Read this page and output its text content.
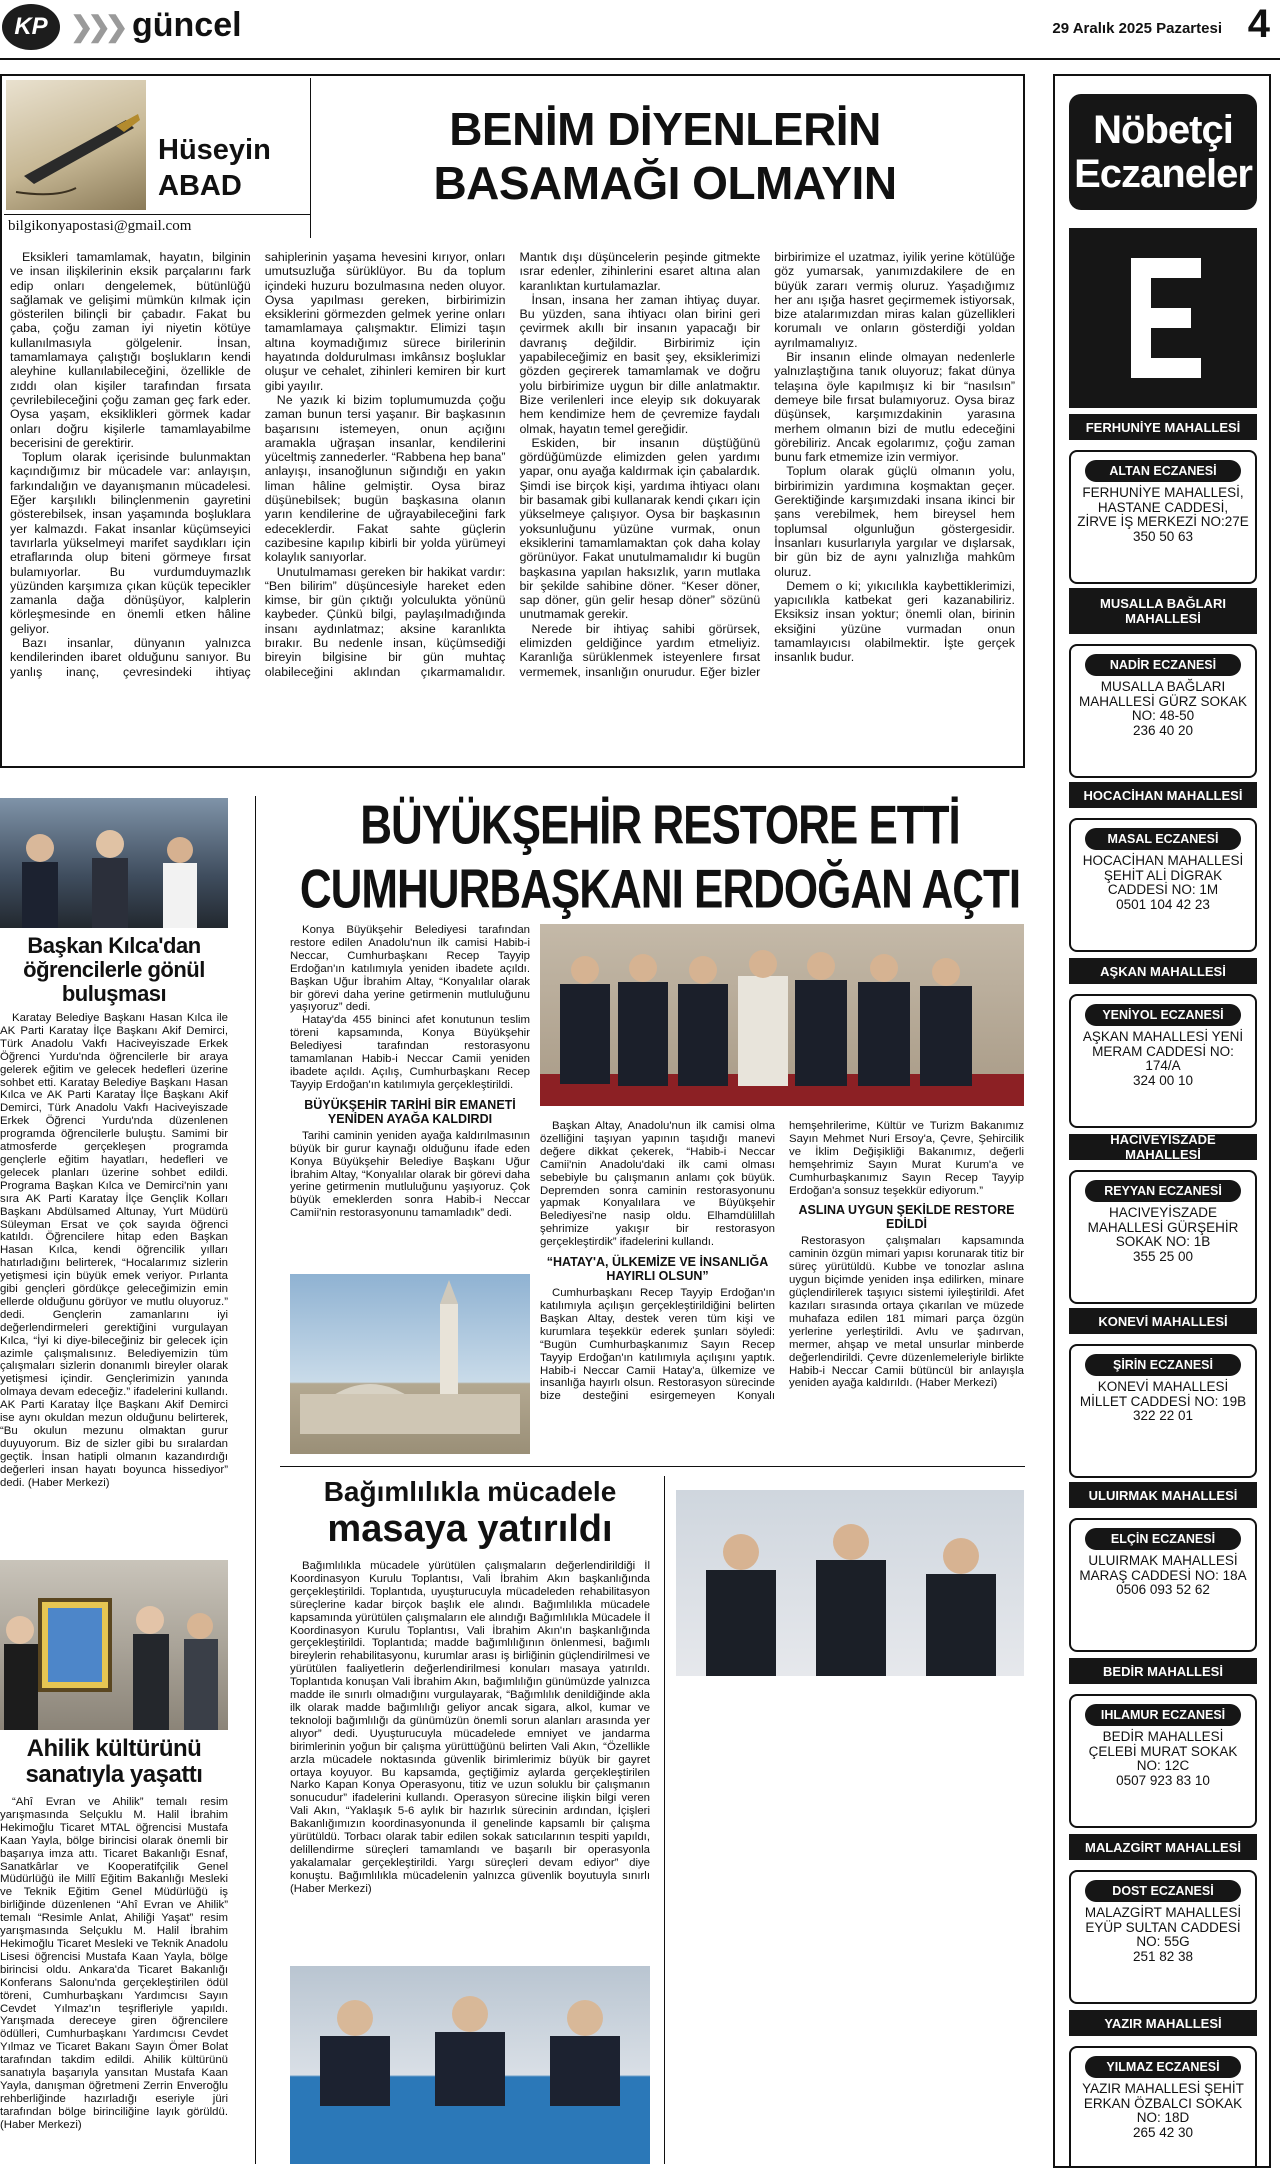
KP ❯❯❯ güncel	29 Aralık 2025 Pazartesi 4
Hüseyin
ABAD
bilgikonyapostasi@gmail.com
BENİM DİYENLERİN
BASAMAĞI OLMAYIN

Eksikleri tamamlamak, hayatın, bilginin ve insan ilişkilerinin eksik parçalarını fark edip onları dengelemek, bütünlüğü sağlamak ve gelişimi mümkün kılmak için gösterilen bilinçli bir çabadır. Fakat bu çaba, çoğu zaman iyi niyetin kötüye kullanılmasıyla gölgelenir. İnsan, tamamlamaya çalıştığı boşlukların kendi aleyhine kullanılabileceğini, özellikle de zıddı olan kişiler tarafından fırsata çevrilebileceğini çoğu zaman geç fark eder. Oysa yaşam, eksiklikleri görmek kadar onları doğru kişilerle tamamlayabilme becerisini de gerektirir.

Toplum olarak içerisinde bulunmaktan kaçındığımız bir mücadele var: anlayışın, farkındalığın ve dayanışmanın mücadelesi. Eğer karşılıklı bilinçlenmenin gayretini gösterebilsek, insan yaşamında boşluklara yer kalmazdı. Fakat insanlar küçümseyici tavırlarla yükselmeyi marifet saydıkları için etraflarında olup biteni görmeye fırsat bulamıyorlar. Bu vurdumduymazlık yüzünden karşımıza çıkan küçük tepecikler zamanla dağa dönüşüyor, kalplerin körleşmesinde en önemli etken hâline geliyor.

Bazı insanlar, dünyanın yalnızca kendilerinden ibaret olduğunu sanıyor. Bu yanlış inanç, çevresindeki ihtiyaç sahiplerinin yaşama hevesini kırıyor, onları umutsuzluğa sürüklüyor. Bu da toplum içindeki huzuru bozulmasına neden oluyor. Oysa yapılması gereken, birbirimizin eksiklerini görmezden gelmek yerine onları tamamlamaya çalışmaktır. Elimizi taşın altına koymadığımız sürece birilerinin hayatında doldurulması imkânsız boşluklar oluşur ve cehalet, zihinleri kemiren bir kurt gibi yayılır.

Ne yazık ki bizim toplumumuzda çoğu zaman bunun tersi yaşanır. Bir başkasının başarısını istemeyen, onun açığını aramakla uğraşan insanlar, kendilerini yüceltmiş zannederler. “Rabbena hep bana” anlayışı, insanoğlunun sığındığı en yakın liman hâline gelmiştir. Oysa biraz düşünebilsek; bugün başkasına olanın yarın kendilerine de uğrayabileceğini fark edeceklerdir. Fakat sahte güçlerin cazibesine kapılıp kibirli bir yolda yürümeyi kolaylık sanıyorlar.

Unutulmaması gereken bir hakikat vardır: “Ben bilirim” düşüncesiyle hareket eden kimse, bir gün çıktığı yolculukta yönünü kaybeder. Çünkü bilgi, paylaşılmadığında insanı aydınlatmaz; aksine karanlıkta bırakır. Bu nedenle insan, küçümsediği bireyin bilgisine bir gün muhtaç olabileceğini aklından çıkarmamalıdır. Mantık dışı düşüncelerin peşinde gitmekte ısrar edenler, zihinlerini esaret altına alan karanlıktan kurtulamazlar.

İnsan, insana her zaman ihtiyaç duyar. Bu yüzden, sana ihtiyacı olan birini geri çevirmek akıllı bir insanın yapacağı bir davranış değildir. Birbirimiz için yapabileceğimiz en basit şey, eksiklerimizi gözden geçirerek tamamlamak ve doğru yolu birbirimize uygun bir dille anlatmaktır. Bize verilenleri ince eleyip sık dokuyarak hem kendimize hem de çevremize faydalı olmak, hayatın temel gereğidir.

Eskiden, bir insanın düştüğünü gördüğümüzde elimizden gelen yardımı yapar, onu ayağa kaldırmak için çabalardık. Şimdi ise birçok kişi, yardıma ihtiyacı olanı bir basamak gibi kullanarak kendi çıkarı için yükselmeye çalışıyor. Oysa bir başkasının yoksunluğunu yüzüne vurmak, onun eksiklerini tamamlamaktan çok daha kolay görünüyor. Fakat unutulmamalıdır ki bugün başkasına yapılan haksızlık, yarın mutlaka bir şekilde sahibine döner. “Keser döner, sap döner, gün gelir hesap döner” sözünü unutmamak gerekir.

Nerede bir ihtiyaç sahibi görürsek, elimizden geldiğince yardım etmeliyiz. Karanlığa sürüklenmek isteyenlere fırsat vermemek, insanlığın onurudur. Eğer bizler birbirimize el uzatmaz, iyilik yerine kötülüğe göz yumarsak, yanımızdakilere de en büyük zararı vermiş oluruz. Yaşadığımız her anı ışığa hasret geçirmemek istiyorsak, bize atalarımızdan miras kalan güzellikleri korumalı ve onların gösterdiği yoldan ayrılmamalıyız.

Bir insanın elinde olmayan nedenlerle yalnızlaştığına tanık oluyoruz; fakat dünya telaşına öyle kapılmışız ki bir “nasılsın” demeye bile fırsat bulamıyoruz. Oysa biraz düşünsek, karşımızdakinin yarasına merhem olmanın bizi de mutlu edeceğini görebiliriz. Ancak egolarımız, çoğu zaman bunu fark etmemize izin vermiyor.

Toplum olarak güçlü olmanın yolu, birbirimizin yardımına koşmaktan geçer. Gerektiğinde karşımızdaki insana ikinci bir şans verebilmek, hem bireysel hem toplumsal olgunluğun göstergesidir. İnsanları kusurlarıyla yargılar ve dışlarsak, bir gün biz de aynı yalnızlığa mahkûm oluruz.

Demem o ki; yıkıcılıkla kaybettiklerimizi, yapıcılıkla katbekat geri kazanabiliriz. Eksiksiz insan yoktur; önemli olan, birinin eksiğini yüzüne vurmadan onun tamamlayıcısı olabilmektir. İşte gerçek insanlık budur.

Başkan Kılca'dan öğrencilerle gönül buluşması

Karatay Belediye Başkanı Hasan Kılca ile AK Parti Karatay İlçe Başkanı Akif Demirci, Türk Anadolu Vakfı Haciveyiszade Erkek Öğrenci Yurdu'nda öğrencilerle bir araya gelerek eğitim ve gelecek hedefleri üzerine sohbet etti. Karatay Belediye Başkanı Hasan Kılca ve AK Parti Karatay İlçe Başkanı Akif Demirci, Türk Anadolu Vakfı Haciveyiszade Erkek Öğrenci Yurdu'nda düzenlenen programda öğrencilerle buluştu. Samimi bir atmosferde gerçekleşen programda gençlerle eğitim hayatları, hedefleri ve gelecek planları üzerine sohbet edildi. Programa Başkan Kılca ve Demirci'nin yanı sıra AK Parti Karatay İlçe Gençlik Kolları Başkanı Abdülsamed Altunay, Yurt Müdürü Süleyman Ersat ve çok sayıda öğrenci katıldı. Öğrencilere hitap eden Başkan Hasan Kılca, kendi öğrencilik yılları hatırladığını belirterek, “Hocalarımız sizlerin yetişmesi için büyük emek veriyor. Pırlanta gibi gençleri gördükçe geleceğimizin emin ellerde olduğunu görüyor ve mutlu oluyoruz.” dedi. Gençlerin zamanlarını iyi değerlendirmeleri gerektiğini vurgulayan Kılca, “İyi ki diye-bileceğiniz bir gelecek için azimle çalışmalısınız. Belediyemizin tüm çalışmaları sizlerin donanımlı bireyler olarak yetişmesi içindir. Gençlerimizin yanında olmaya devam edeceğiz.” ifadelerini kullandı. AK Parti Karatay İlçe Başkanı Akif Demirci ise aynı okuldan mezun olduğunu belirterek, “Bu okulun mezunu olmaktan gurur duyuyorum. Biz de sizler gibi bu sıralardan geçtik. İnsan hatipli olmanın kazandırdığı değerleri insan hayatı boyunca hissediyor” dedi. (Haber Merkezi)

Ahilik kültürünü sanatıyla yaşattı

“Ahî Evran ve Ahilik” temalı resim yarışmasında Selçuklu M. Halil İbrahim Hekimoğlu Ticaret MTAL öğrencisi Mustafa Kaan Yayla, bölge birincisi olarak önemli bir başarıya imza attı. Ticaret Bakanlığı Esnaf, Sanatkârlar ve Kooperatifçilik Genel Müdürlüğü ile Millî Eğitim Bakanlığı Mesleki ve Teknik Eğitim Genel Müdürlüğü iş birliğinde düzenlenen “Ahî Evran ve Ahilik” temalı “Resimle Anlat, Ahiliği Yaşat” resim yarışmasında Selçuklu M. Halil İbrahim Hekimoğlu Ticaret Mesleki ve Teknik Anadolu Lisesi öğrencisi Mustafa Kaan Yayla, bölge birincisi oldu. Ankara'da Ticaret Bakanlığı Konferans Salonu'nda gerçekleştirilen ödül töreni, Cumhurbaşkanı Yardımcısı Sayın Cevdet Yılmaz'ın teşrifleriyle yapıldı. Yarışmada dereceye giren öğrencilere ödülleri, Cumhurbaşkanı Yardımcısı Cevdet Yılmaz ve Ticaret Bakanı Sayın Ömer Bolat tarafından takdim edildi. Ahilik kültürünü sanatıyla başarıyla yansıtan Mustafa Kaan Yayla, danışman öğretmeni Zerrin Enveroğlu rehberliğinde hazırladığı eseriyle jüri tarafından bölge birinciliğine layık görüldü. (Haber Merkezi)

BÜYÜKŞEHİR RESTORE ETTİ
CUMHURBAŞKANI ERDOĞAN AÇTI

Konya Büyükşehir Belediyesi tarafından restore edilen Anadolu'nun ilk camisi Habib-i Neccar, Cumhurbaşkanı Recep Tayyip Erdoğan'ın katılımıyla yeniden ibadete açıldı. Başkan Uğur İbrahim Altay, “Konyalılar olarak bir görevi daha yerine getirmenin mutluluğunu yaşıyoruz” dedi.

Hatay'da 455 bininci afet konutunun teslim töreni kapsamında, Konya Büyükşehir Belediyesi tarafından restorasyonu tamamlanan Habib-i Neccar Camii yeniden ibadete açıldı. Açılış, Cumhurbaşkanı Recep Tayyip Erdoğan'ın katılımıyla gerçekleştirildi.

BÜYÜKŞEHİR TARİHİ BİR EMANETİ YENİDEN AYAĞA KALDIRDI

Tarihi caminin yeniden ayağa kaldırılmasının büyük bir gurur kaynağı olduğunu ifade eden Konya Büyükşehir Belediye Başkanı Uğur İbrahim Altay, “Konyalılar olarak bir görevi daha yerine getirmenin mutluluğunu yaşıyoruz. Çok büyük emeklerden sonra Habib-i Neccar Camii'nin restorasyonunu tamamladık” dedi.

Başkan Altay, Anadolu'nun ilk camisi olma özelliğini taşıyan yapının taşıdığı manevi değere dikkat çekerek, “Habib-i Neccar Camii'nin Anadolu'daki ilk cami olması sebebiyle bu çalışmanın anlamı çok büyük. Depremden sonra caminin restorasyonunu yapmak Konyalılara ve Büyükşehir Belediyesi'ne nasip oldu. Elhamdülillah şehrimize yakışır bir restorasyon gerçekleştirdik” ifadelerini kullandı.

“HATAY'A, ÜLKEMİZE VE İNSANLIĞA HAYIRLI OLSUN”

Cumhurbaşkanı Recep Tayyip Erdoğan'ın katılımıyla açılışın gerçekleştirildiğini belirten Başkan Altay, destek veren tüm kişi ve kurumlara teşekkür ederek şunları söyledi: “Bugün Cumhurbaşkanımız Sayın Recep Tayyip Erdoğan'ın katılımıyla açılışını yaptık. Habib-i Neccar Camii Hatay'a, ülkemize ve insanlığa hayırlı olsun. Restorasyon sürecinde bize desteğini esirgemeyen Konyalı hemşehrilerime, Kültür ve Turizm Bakanımız Sayın Mehmet Nuri Ersoy'a, Çevre, Şehircilik ve İklim Değişikliği Bakanımız, değerli hemşehrimiz Sayın Murat Kurum'a ve Cumhurbaşkanımız Sayın Recep Tayyip Erdoğan'a sonsuz teşekkür ediyorum.”

ASLINA UYGUN ŞEKİLDE RESTORE EDİLDİ

Restorasyon çalışmaları kapsamında caminin özgün mimari yapısı korunarak titiz bir süreç yürütüldü. Kubbe ve tonozlar aslına uygun biçimde yeniden inşa edilirken, minare güçlendirilerek taşıyıcı sistemi iyileştirildi. Afet kazıları sırasında ortaya çıkarılan ve müzede muhafaza edilen 181 mimari parça özgün yerlerine yerleştirildi. Avlu ve şadırvan, mermer, ahşap ve metal unsurlar minberde değerlendirildi. Çevre düzenlemeleriyle birlikte Habib-i Neccar Camii bütüncül bir anlayışla yeniden ayağa kaldırıldı. (Haber Merkezi)

Bağımlılıkla mücadele
masaya yatırıldı

Bağımlılıkla mücadele yürütülen çalışmaların değerlendirildiği İl Koordinasyon Kurulu Toplantısı, Vali İbrahim Akın başkanlığında gerçekleştirildi. Toplantıda, uyuşturucuyla mücadeleden rehabilitasyon süreçlerine kadar birçok başlık ele alındı. Bağımlılıkla mücadele kapsamında yürütülen çalışmaların ele alındığı Bağımlılıkla Mücadele İl Koordinasyon Kurulu Toplantısı, Vali İbrahim Akın'ın başkanlığında gerçekleştirildi. Toplantıda; madde bağımlılığının önlenmesi, bağımlı bireylerin rehabilitasyonu, kurumlar arası iş birliğinin güçlendirilmesi ve yürütülen faaliyetlerin değerlendirilmesi konuları masaya yatırıldı. Toplantıda konuşan Vali İbrahim Akın, bağımlılığın günümüzde yalnızca madde ile sınırlı olmadığını vurgulayarak, “Bağımlılık denildiğinde akla ilk olarak madde bağımlılığı geliyor ancak sigara, alkol, kumar ve teknoloji bağımlılığı da günümüzün önemli sorun alanları arasında yer alıyor” dedi. Uyuşturucuyla mücadelede emniyet ve jandarma birimlerinin yoğun bir çalışma yürüttüğünü belirten Vali Akın, “Özellikle arzla mücadele noktasında güvenlik birimlerimiz büyük bir gayret ortaya koyuyor. Bu kapsamda, geçtiğimiz aylarda gerçekleştirilen Narko Kapan Konya Operasyonu, titiz ve uzun soluklu bir çalışmanın sonucudur” ifadelerini kullandı. Operasyon sürecine ilişkin bilgi veren Vali Akın, “Yaklaşık 5-6 aylık bir hazırlık sürecinin ardından, İçişleri Bakanlığımızın koordinasyonunda il genelinde kapsamlı bir çalışma yürütüldü. Torbacı olarak tabir edilen sokak satıcılarının tespiti yapıldı, delillendirme süreçleri tamamlandı ve başarılı bir operasyonla yakalamalar gerçekleştirildi. Yargı süreçleri devam ediyor” diye konuştu. Bağımlılıkla mücadelenin yalnızca güvenlik boyutuyla sınırlı (Haber Merkezi)

Nöbetçi
Eczaneler
FERHUNİYE MAHALLESİ
ALTAN ECZANESİ
FERHUNİYE MAHALLESİ, HASTANE CADDESİ, ZİRVE İŞ MERKEZİ NO:27E
350 50 63
MUSALLA BAĞLARI MAHALLESİ
NADİR ECZANESİ
MUSALLA BAĞLARI MAHALLESİ GÜRZ SOKAK NO: 48-50
236 40 20
HOCACİHAN MAHALLESİ
MASAL ECZANESİ
HOCACİHAN MAHALLESİ ŞEHİT ALİ DİGRAK CADDESİ NO: 1M
0501 104 42 23
AŞKAN MAHALLESİ
YENİYOL ECZANESİ
AŞKAN MAHALLESİ YENİ MERAM CADDESİ NO: 174/A
324 00 10
HACIVEYİSZADE MAHALLESİ
REYYAN ECZANESİ
HACIVEYİSZADE MAHALLESİ GÜRŞEHİR SOKAK NO: 1B
355 25 00
KONEVİ MAHALLESİ
ŞİRİN ECZANESİ
KONEVİ MAHALLESİ MİLLET CADDESİ NO: 19B
322 22 01
ULUIRMAK MAHALLESİ
ELÇİN ECZANESİ
ULUIRMAK MAHALLESİ MARAŞ CADDESİ NO: 18A
0506 093 52 62
BEDİR MAHALLESİ
IHLAMUR ECZANESİ
BEDİR MAHALLESİ ÇELEBİ MURAT SOKAK NO: 12C
0507 923 83 10
MALAZGİRT MAHALLESİ
DOST ECZANESİ
MALAZGİRT MAHALLESİ EYÜP SULTAN CADDESİ NO: 55G
251 82 38
YAZIR MAHALLESİ
YILMAZ ECZANESİ
YAZIR MAHALLESİ ŞEHİT ERKAN ÖZBALCI SOKAK NO: 18D
265 42 30
